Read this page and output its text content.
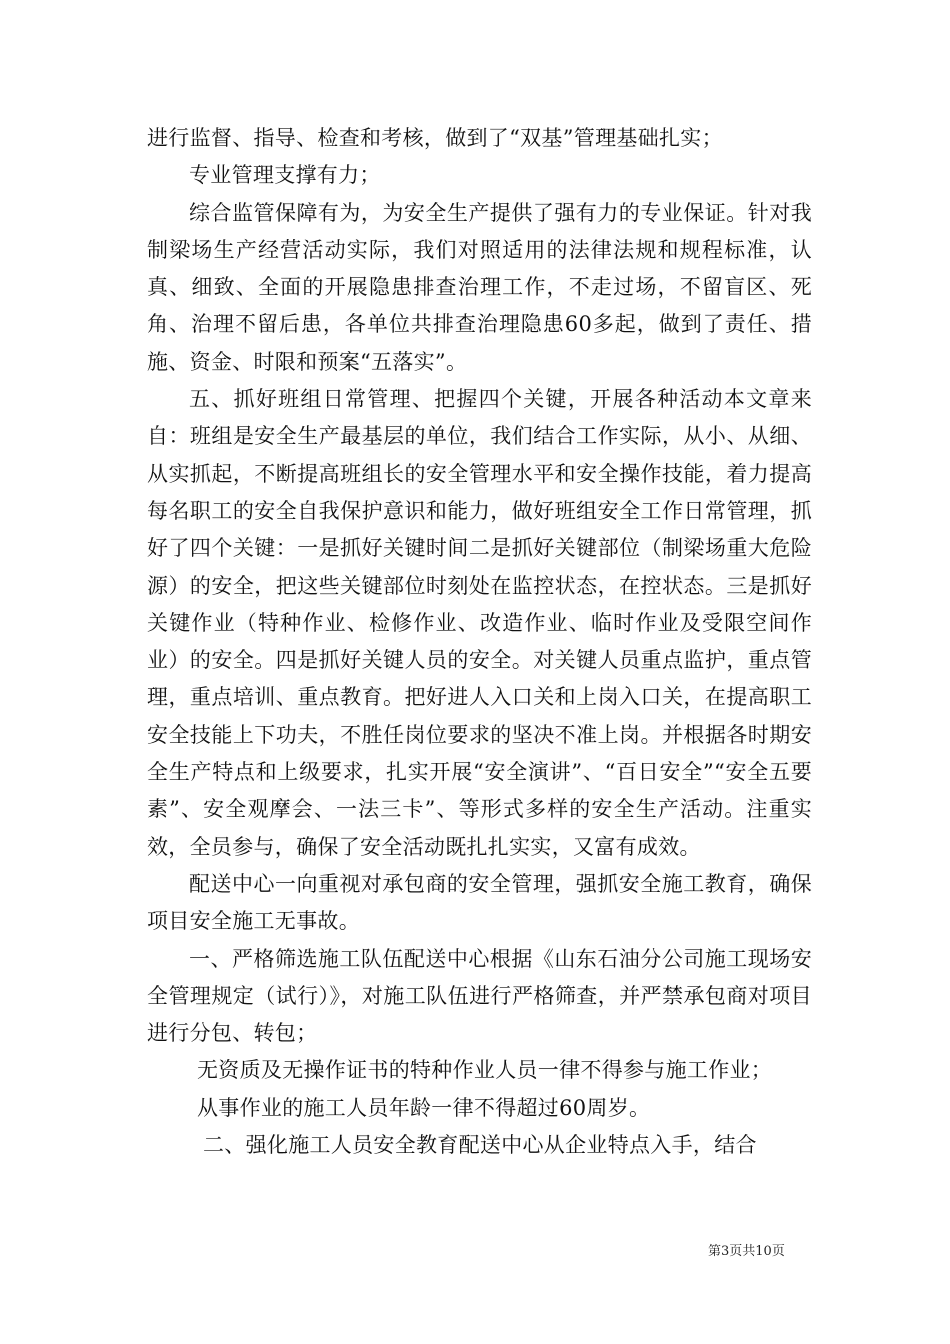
进行监督、指导、检查和考核，做到了“双基”管理基础扎实；

专业管理支撑有力；

综合监管保障有为，为安全生产提供了强有力的专业保证。针对我制梁场生产经营活动实际，我们对照适用的法律法规和规程标准，认真、细致、全面的开展隐患排查治理工作，不走过场，不留盲区、死角、治理不留后患，各单位共排查治理隐患60多起，做到了责任、措施、资金、时限和预案“五落实”。

五、抓好班组日常管理、把握四个关键，开展各种活动本文章来自：班组是安全生产最基层的单位，我们结合工作实际，从小、从细、从实抓起，不断提高班组长的安全管理水平和安全操作技能，着力提高每名职工的安全自我保护意识和能力，做好班组安全工作日常管理，抓好了四个关键：一是抓好关键时间二是抓好关键部位（制梁场重大危险源）的安全，把这些关键部位时刻处在监控状态，在控状态。三是抓好关键作业（特种作业、检修作业、改造作业、临时作业及受限空间作业）的安全。四是抓好关键人员的安全。对关键人员重点监护，重点管理，重点培训、重点教育。把好进人入口关和上岗入口关，在提高职工安全技能上下功夫，不胜任岗位要求的坚决不准上岗。并根据各时期安全生产特点和上级要求，扎实开展“安全演讲”、“百日安全”“安全五要素”、安全观摩会、一法三卡”、等形式多样的安全生产活动。注重实效，全员参与，确保了安全活动既扎扎实实，又富有成效。

配送中心一向重视对承包商的安全管理，强抓安全施工教育，确保项目安全施工无事故。

一、严格筛选施工队伍配送中心根据《山东石油分公司施工现场安全管理规定（试行）》，对施工队伍进行严格筛查，并严禁承包商对项目进行分包、转包；

无资质及无操作证书的特种作业人员一律不得参与施工作业；

从事作业的施工人员年龄一律不得超过60周岁。

二、强化施工人员安全教育配送中心从企业特点入手，结合

第3页共10页
